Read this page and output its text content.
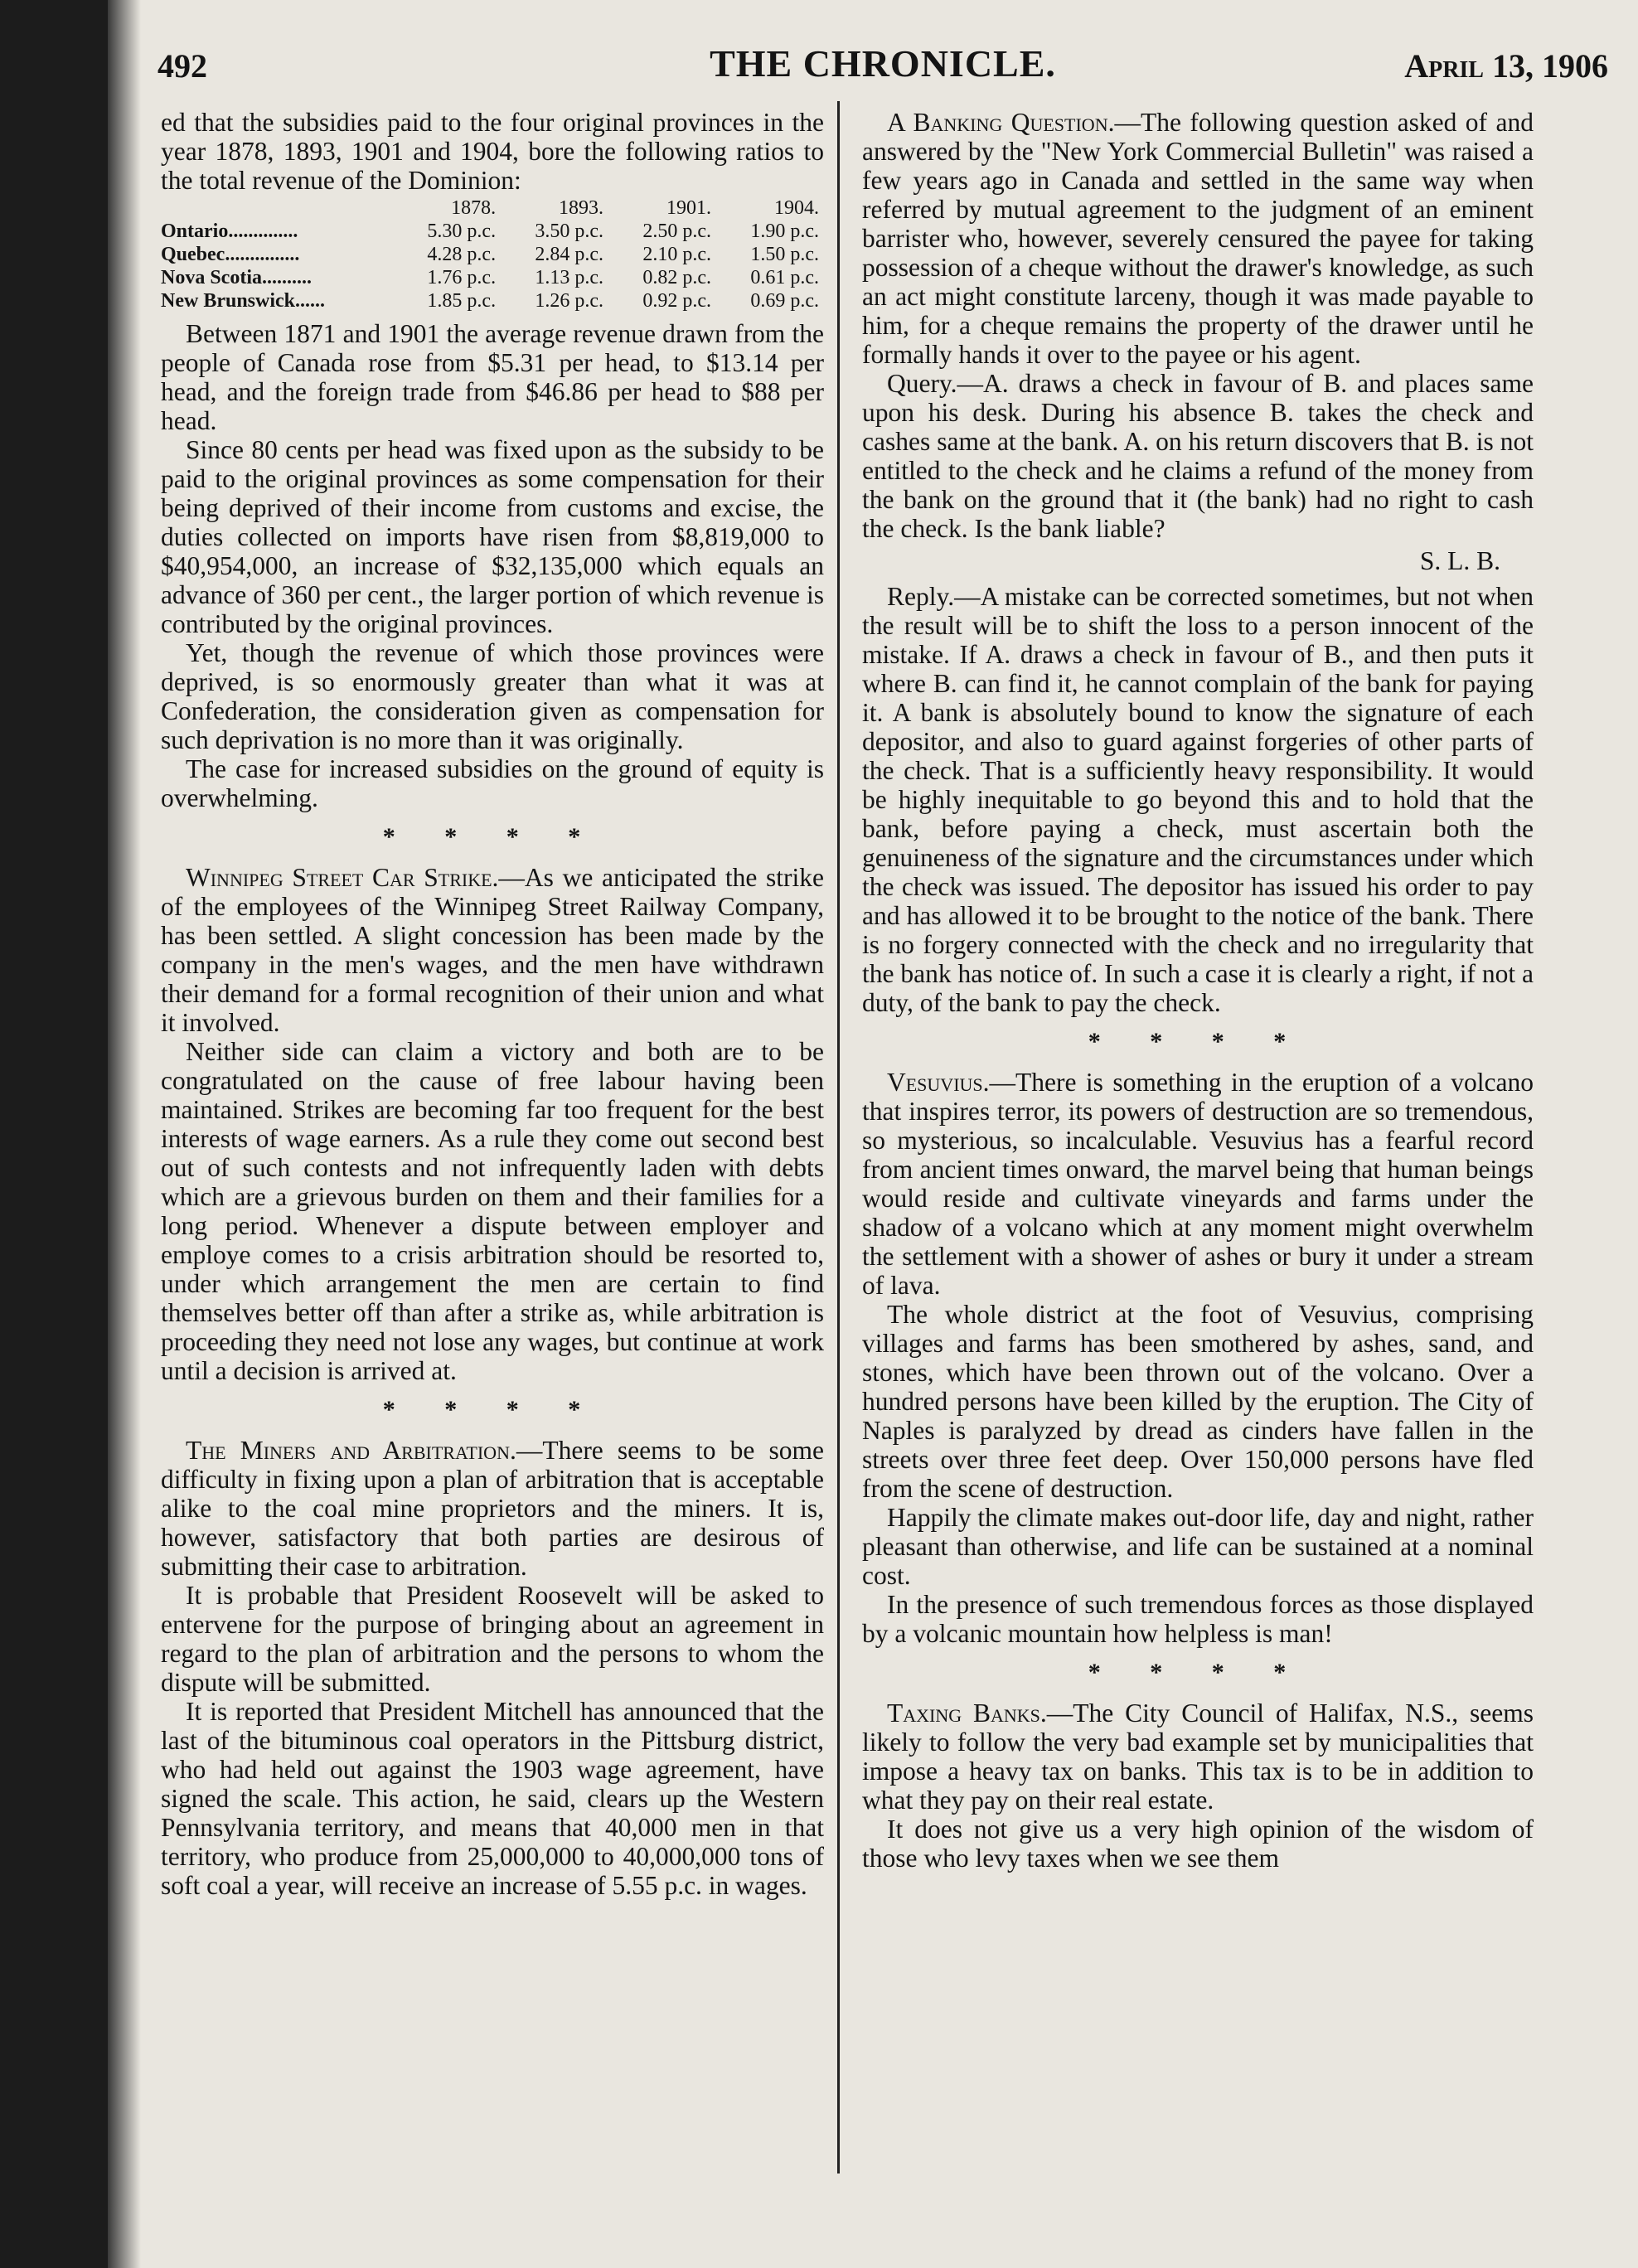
492	THE CHRONICLE.	April 13, 1906

ed that the subsidies paid to the four original provinces in the year 1878, 1893, 1901 and 1904, bore the following ratios to the total revenue of the Dominion:

	1878.	1893.	1901.	1904.
Ontario..............	5.30 p.c.	3.50 p.c.	2.50 p.c.	1.90 p.c.
Quebec...............	4.28 p.c.	2.84 p.c.	2.10 p.c.	1.50 p.c.
Nova Scotia..........	1.76 p.c.	1.13 p.c.	0.82 p.c.	0.61 p.c.
New Brunswick......	1.85 p.c.	1.26 p.c.	0.92 p.c.	0.69 p.c.

Between 1871 and 1901 the average revenue drawn from the people of Canada rose from $5.31 per head, to $13.14 per head, and the foreign trade from $46.86 per head to $88 per head.

Since 80 cents per head was fixed upon as the subsidy to be paid to the original provinces as some compensation for their being deprived of their income from customs and excise, the duties collected on imports have risen from $8,819,000 to $40,954,000, an increase of $32,135,000 which equals an advance of 360 per cent., the larger portion of which revenue is contributed by the original provinces.

Yet, though the revenue of which those provinces were deprived, is so enormously greater than what it was at Confederation, the consideration given as compensation for such deprivation is no more than it was originally.

The case for increased subsidies on the ground of equity is overwhelming.

* * * *

Winnipeg Street Car Strike.—As we anticipated the strike of the employees of the Winnipeg Street Railway Company, has been settled. A slight concession has been made by the company in the men's wages, and the men have withdrawn their demand for a formal recognition of their union and what it involved.

Neither side can claim a victory and both are to be congratulated on the cause of free labour having been maintained. Strikes are becoming far too frequent for the best interests of wage earners. As a rule they come out second best out of such contests and not infrequently laden with debts which are a grievous burden on them and their families for a long period. Whenever a dispute between employer and employe comes to a crisis arbitration should be resorted to, under which arrangement the men are certain to find themselves better off than after a strike as, while arbitration is proceeding they need not lose any wages, but continue at work until a decision is arrived at.

* * * *

The Miners and Arbitration.—There seems to be some difficulty in fixing upon a plan of arbitration that is acceptable alike to the coal mine proprietors and the miners. It is, however, satisfactory that both parties are desirous of submitting their case to arbitration.

It is probable that President Roosevelt will be asked to entervene for the purpose of bringing about an agreement in regard to the plan of arbitration and the persons to whom the dispute will be submitted.

It is reported that President Mitchell has announced that the last of the bituminous coal operators in the Pittsburg district, who had held out against the 1903 wage agreement, have signed the scale. This action, he said, clears up the Western Pennsylvania territory, and means that 40,000 men in that territory, who produce from 25,000,000 to 40,000,000 tons of soft coal a year, will receive an increase of 5.55 p.c. in wages.

A Banking Question.—The following question asked of and answered by the "New York Commercial Bulletin" was raised a few years ago in Canada and settled in the same way when referred by mutual agreement to the judgment of an eminent barrister who, however, severely censured the payee for taking possession of a cheque without the drawer's knowledge, as such an act might constitute larceny, though it was made payable to him, for a cheque remains the property of the drawer until he formally hands it over to the payee or his agent.

Query.—A. draws a check in favour of B. and places same upon his desk. During his absence B. takes the check and cashes same at the bank. A. on his return discovers that B. is not entitled to the check and he claims a refund of the money from the bank on the ground that it (the bank) had no right to cash the check. Is the bank liable?

S. L. B.

Reply.—A mistake can be corrected sometimes, but not when the result will be to shift the loss to a person innocent of the mistake. If A. draws a check in favour of B., and then puts it where B. can find it, he cannot complain of the bank for paying it. A bank is absolutely bound to know the signature of each depositor, and also to guard against forgeries of other parts of the check. That is a sufficiently heavy responsibility. It would be highly inequitable to go beyond this and to hold that the bank, before paying a check, must ascertain both the genuineness of the signature and the circumstances under which the check was issued. The depositor has issued his order to pay and has allowed it to be brought to the notice of the bank. There is no forgery connected with the check and no irregularity that the bank has notice of. In such a case it is clearly a right, if not a duty, of the bank to pay the check.

* * * *

Vesuvius.—There is something in the eruption of a volcano that inspires terror, its powers of destruction are so tremendous, so mysterious, so incalculable. Vesuvius has a fearful record from ancient times onward, the marvel being that human beings would reside and cultivate vineyards and farms under the shadow of a volcano which at any moment might overwhelm the settlement with a shower of ashes or bury it under a stream of lava.

The whole district at the foot of Vesuvius, comprising villages and farms has been smothered by ashes, sand, and stones, which have been thrown out of the volcano. Over a hundred persons have been killed by the eruption. The City of Naples is paralyzed by dread as cinders have fallen in the streets over three feet deep. Over 150,000 persons have fled from the scene of destruction.

Happily the climate makes out-door life, day and night, rather pleasant than otherwise, and life can be sustained at a nominal cost.

In the presence of such tremendous forces as those displayed by a volcanic mountain how helpless is man!

* * * *

Taxing Banks.—The City Council of Halifax, N.S., seems likely to follow the very bad example set by municipalities that impose a heavy tax on banks. This tax is to be in addition to what they pay on their real estate.

It does not give us a very high opinion of the wisdom of those who levy taxes when we see them
